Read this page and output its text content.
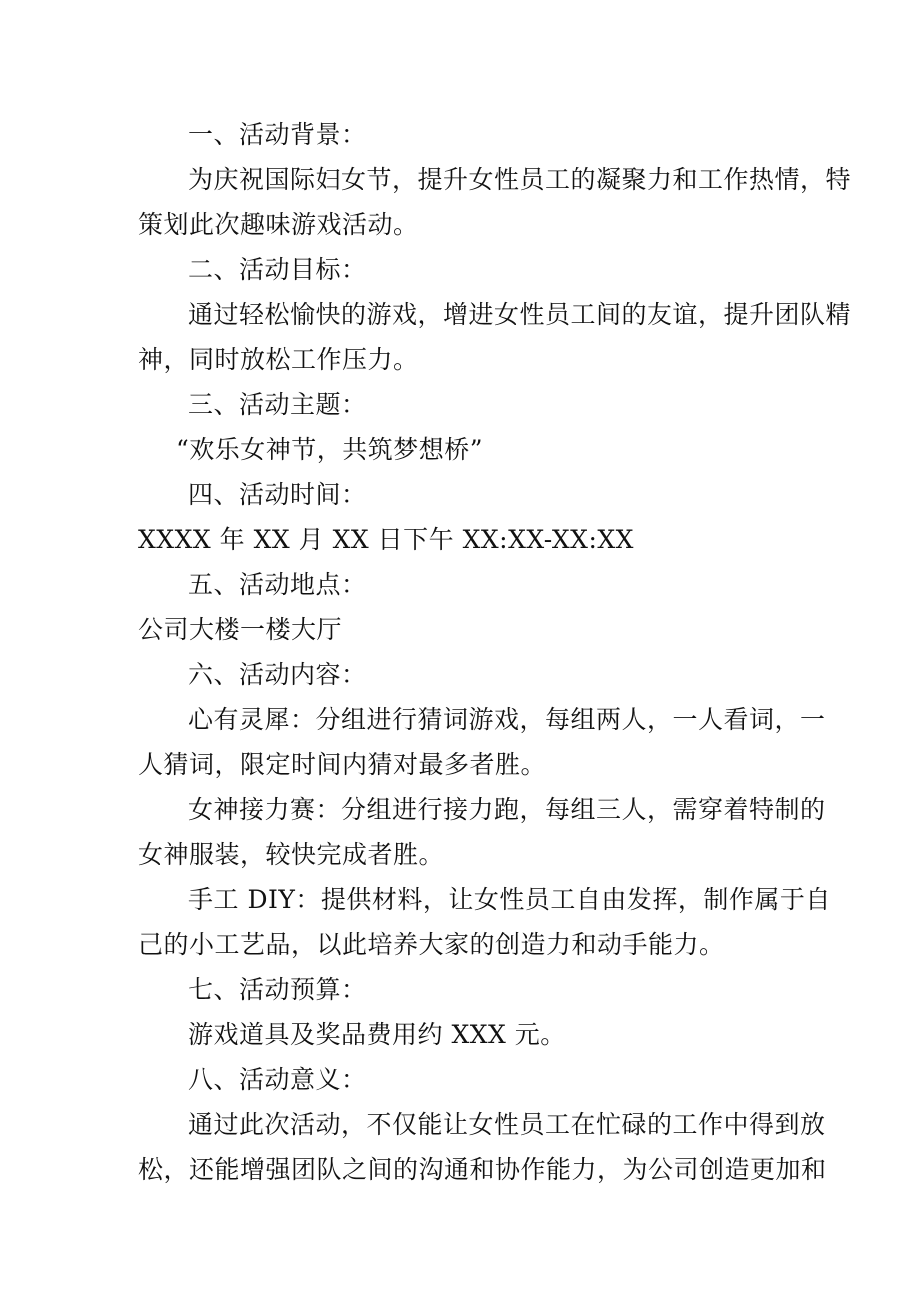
一、活动背景：
为庆祝国际妇女节，提升女性员工的凝聚力和工作热情，特
策划此次趣味游戏活动。
二、活动目标：
通过轻松愉快的游戏，增进女性员工间的友谊，提升团队精
神，同时放松工作压力。
三、活动主题：
“欢乐女神节，共筑梦想桥”
四、活动时间：
XXXX 年 XX 月 XX 日下午 XX:XX-XX:XX
五、活动地点：
公司大楼一楼大厅
六、活动内容：
心有灵犀：分组进行猜词游戏，每组两人，一人看词，一
人猜词，限定时间内猜对最多者胜。
女神接力赛：分组进行接力跑，每组三人，需穿着特制的
女神服装，较快完成者胜。
手工 DIY：提供材料，让女性员工自由发挥，制作属于自
己的小工艺品，以此培养大家的创造力和动手能力。
七、活动预算：
游戏道具及奖品费用约 XXX 元。
八、活动意义：
通过此次活动，不仅能让女性员工在忙碌的工作中得到放
松，还能增强团队之间的沟通和协作能力，为公司创造更加和
